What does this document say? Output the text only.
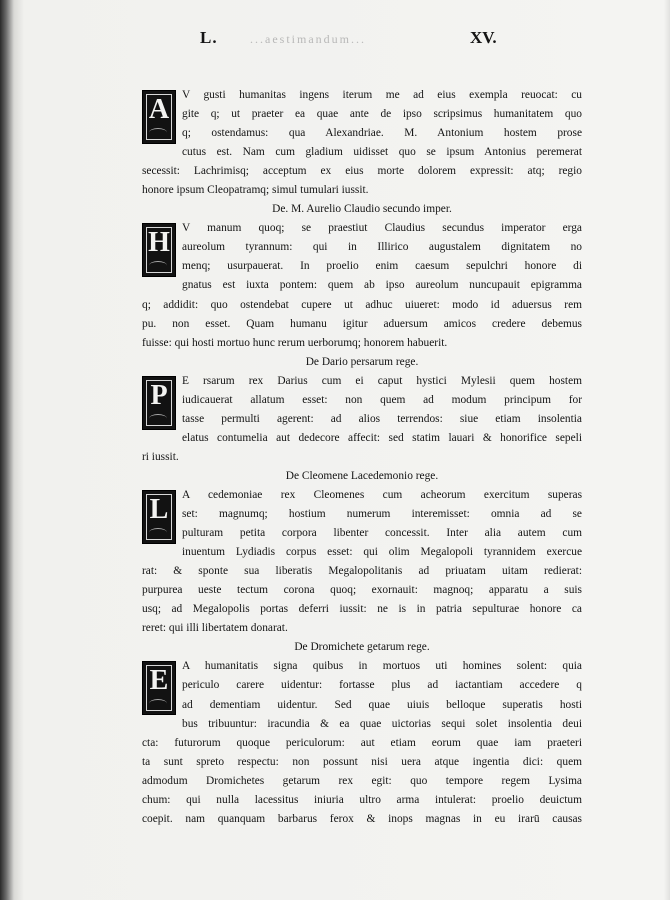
L.	...aestimandum...	XV.
A	V gusti humanitas ingens iterum me ad eius exempla reuocat: cu
gite q; ut praeter ea quae ante de ipso scripsimus humanitatem quo
q; ostendamus: qua Alexandriae. M. Antonium hostem prose
cutus est. Nam cum gladium uidisset quo se ipsum Antonius peremerat
secessit: Lachrimisq; acceptum ex eius morte dolorem expressit: atq; regio
honore ipsum Cleopatramq; simul tumulari iussit.
De. M. Aurelio Claudio secundo imper.
H	V manum quoq; se praestiut Claudius secundus imperator erga
aureolum tyrannum: qui in Illirico augustalem dignitatem no
menq; usurpauerat. In proelio enim caesum sepulchri honore di
gnatus est iuxta pontem: quem ab ipso aureolum nuncupauit epigramma
q; addidit: quo ostendebat cupere ut adhuc uiueret: modo id aduersus rem
pu. non esset. Quam humanu igitur aduersum amicos credere debemus
fuisse: qui hosti mortuo hunc rerum uerborumq; honorem habuerit.
De Dario persarum rege.
P	E rsarum rex Darius cum ei caput hystici Mylesii quem hostem
iudicauerat allatum esset: non quem ad modum principum for
tasse permulti agerent: ad alios terrendos: siue etiam insolentia
elatus contumelia aut dedecore affecit: sed statim lauari & honorifice sepeli
ri iussit.
De Cleomene Lacedemonio rege.
L	A cedemoniae rex Cleomenes cum acheorum exercitum superas
set: magnumq; hostium numerum interemisset: omnia ad se
pulturam petita corpora libenter concessit. Inter alia autem cum
inuentum Lydiadis corpus esset: qui olim Megalopoli tyrannidem exercue
rat: & sponte sua liberatis Megalopolitanis ad priuatam uitam redierat:
purpurea ueste tectum corona quoq; exornauit: magnoq; apparatu a suis
usq; ad Megalopolis portas deferri iussit: ne is in patria sepulturae honore ca
reret: qui illi libertatem donarat.
De Dromichete getarum rege.
E	A humanitatis signa quibus in mortuos uti homines solent: quia
periculo carere uidentur: fortasse plus ad iactantiam accedere q
ad dementiam uidentur. Sed quae uiuis belloque superatis hosti
bus tribuuntur: iracundia & ea quae uictorias sequi solet insolentia deui
cta: futurorum quoque periculorum: aut etiam eorum quae iam praeteri
ta sunt spreto respectu: non possunt nisi uera atque ingentia dici: quem
admodum Dromichetes getarum rex egit: quo tempore regem Lysima
chum: qui nulla lacessitus iniuria ultro arma intulerat: proelio deuictum
coepit. nam quanquam barbarus ferox & inops magnas in eu irarū causas
